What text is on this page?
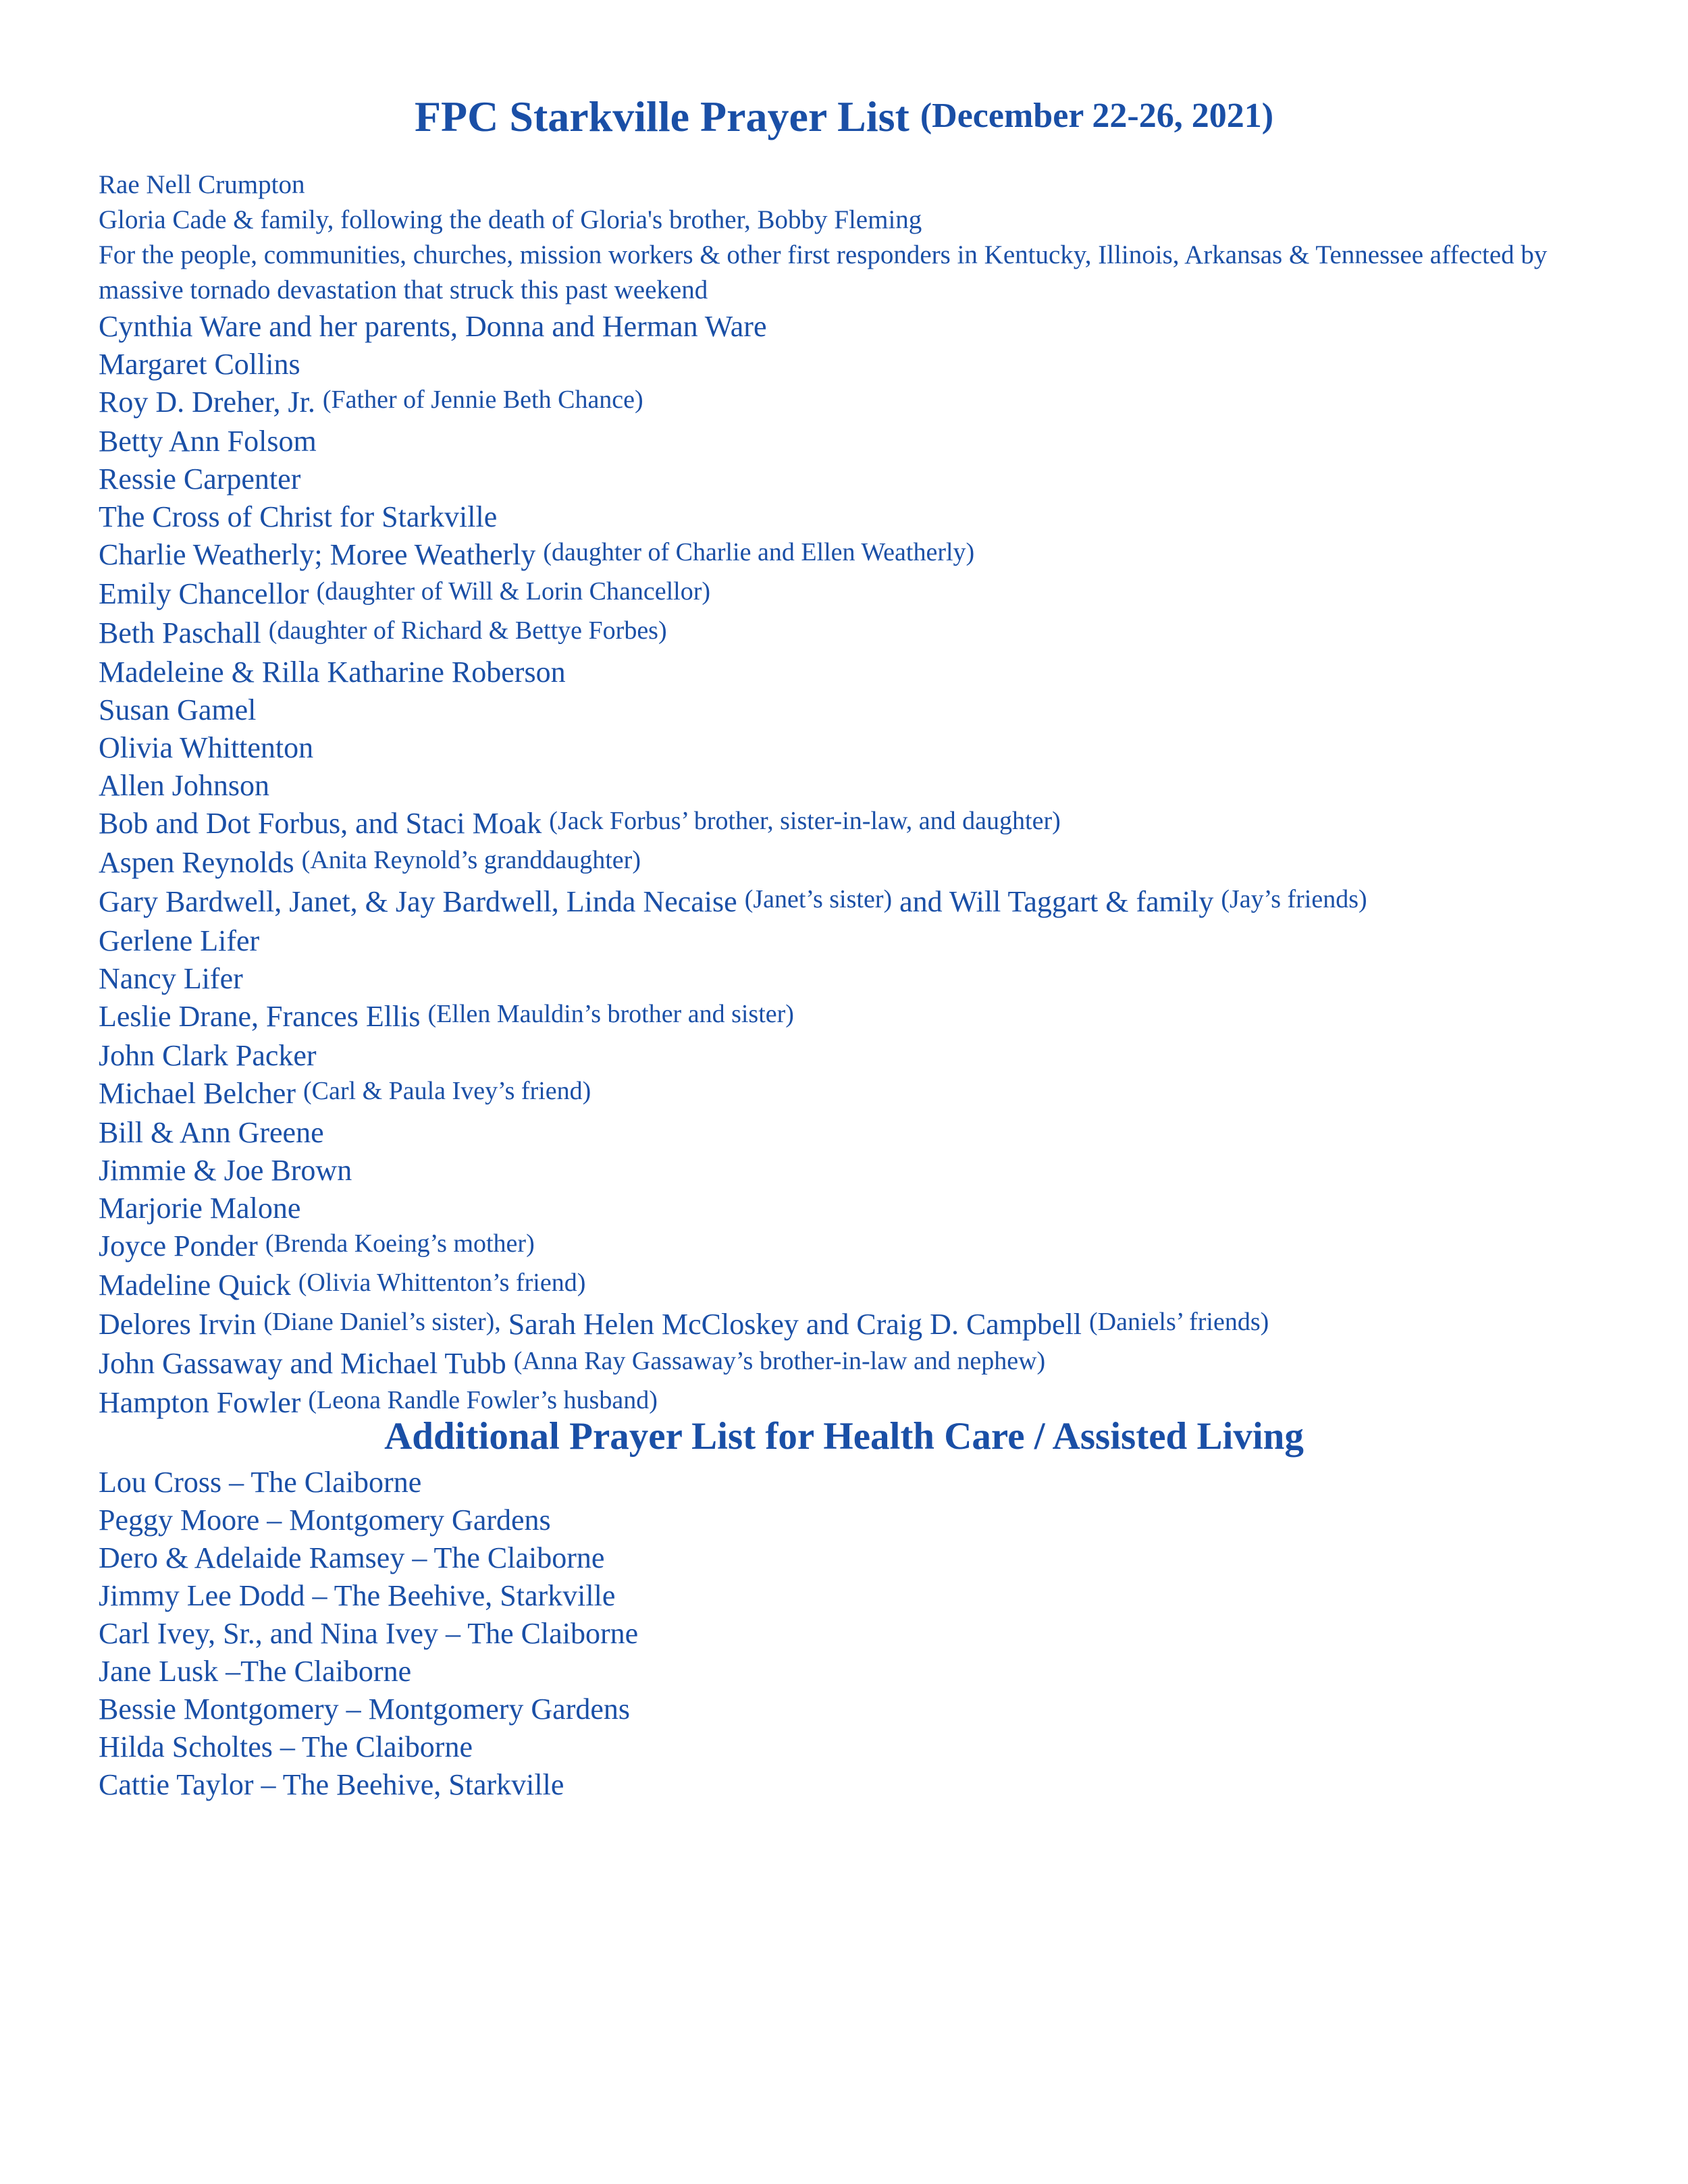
FPC Starkville Prayer List (December 22-26, 2021)
Rae Nell Crumpton
Gloria Cade & family, following the death of Gloria's brother, Bobby Fleming
For the people, communities, churches, mission workers & other first responders in Kentucky, Illinois, Arkansas & Tennessee affected by massive tornado devastation that struck this past weekend
Cynthia Ware and her parents, Donna and Herman Ware
Margaret Collins
Roy D. Dreher, Jr. (Father of Jennie Beth Chance)
Betty Ann Folsom
Ressie Carpenter
The Cross of Christ for Starkville
Charlie Weatherly; Moree Weatherly (daughter of Charlie and Ellen Weatherly)
Emily Chancellor (daughter of Will & Lorin Chancellor)
Beth Paschall (daughter of Richard & Bettye Forbes)
Madeleine & Rilla Katharine Roberson
Susan Gamel
Olivia Whittenton
Allen Johnson
Bob and Dot Forbus, and Staci Moak (Jack Forbus’ brother, sister-in-law, and daughter)
Aspen Reynolds (Anita Reynold’s granddaughter)
Gary Bardwell, Janet, & Jay Bardwell, Linda Necaise (Janet’s sister) and Will Taggart & family (Jay’s friends)
Gerlene Lifer
Nancy Lifer
Leslie Drane, Frances Ellis (Ellen Mauldin’s brother and sister)
John Clark Packer
Michael Belcher (Carl & Paula Ivey’s friend)
Bill & Ann Greene
Jimmie & Joe Brown
Marjorie Malone
Joyce Ponder (Brenda Koeing’s mother)
Madeline Quick (Olivia Whittenton’s friend)
Delores Irvin (Diane Daniel’s sister), Sarah Helen McCloskey and Craig D. Campbell (Daniels’ friends)
John Gassaway and Michael Tubb (Anna Ray Gassaway’s brother-in-law and nephew)
Hampton Fowler (Leona Randle Fowler’s husband)
Additional Prayer List for Health Care / Assisted Living
Lou Cross – The Claiborne
Peggy Moore – Montgomery Gardens
Dero & Adelaide Ramsey – The Claiborne
Jimmy Lee Dodd – The Beehive, Starkville
Carl Ivey, Sr., and Nina Ivey – The Claiborne
Jane Lusk –The Claiborne
Bessie Montgomery – Montgomery Gardens
Hilda Scholtes – The Claiborne
Cattie Taylor – The Beehive, Starkville
